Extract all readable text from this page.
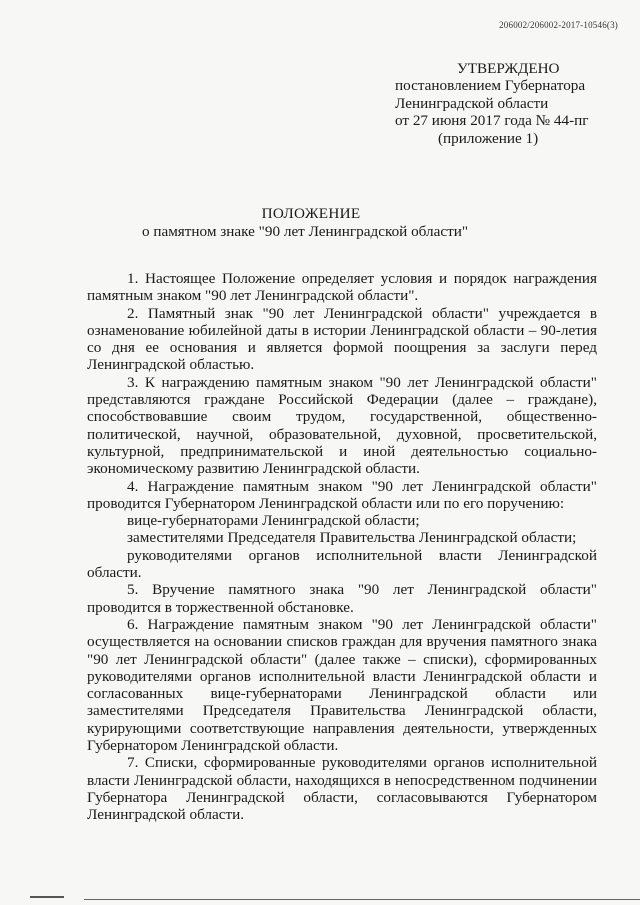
206002/206002-2017-10546(3)
УТВЕРЖДЕНО
постановлением Губернатора
Ленинградской области
от 27 июня 2017 года № 44-пг
(приложение 1)
ПОЛОЖЕНИЕ
о памятном знаке "90 лет Ленинградской области"

1. Настоящее Положение определяет условия и порядок награждения памятным знаком "90 лет Ленинградской области".

2. Памятный знак "90 лет Ленинградской области" учреждается в ознаменование юбилейной даты в истории Ленинградской области – 90-летия со дня ее основания и является формой поощрения за заслуги перед Ленинградской областью.

3. К награждению памятным знаком "90 лет Ленинградской области" представляются граждане Российской Федерации (далее – граждане), способствовавшие своим трудом, государственной, общественно-политической, научной, образовательной, духовной, просветительской, культурной, предпринимательской и иной деятельностью социально-экономическому развитию Ленинградской области.

4. Награждение памятным знаком "90 лет Ленинградской области" проводится Губернатором Ленинградской области или по его поручению:

вице-губернаторами Ленинградской области;

заместителями Председателя Правительства Ленинградской области;

руководителями органов исполнительной власти Ленинградской области.

5. Вручение памятного знака "90 лет Ленинградской области" проводится в торжественной обстановке.

6. Награждение памятным знаком "90 лет Ленинградской области" осуществляется на основании списков граждан для вручения памятного знака "90 лет Ленинградской области" (далее также – списки), сформированных руководителями органов исполнительной власти Ленинградской области и согласованных вице-губернаторами Ленинградской области или заместителями Председателя Правительства Ленинградской области, курирующими соответствующие направления деятельности, утвержденных Губернатором Ленинградской области.

7. Списки, сформированные руководителями органов исполнительной власти Ленинградской области, находящихся в непосредственном подчинении Губернатора Ленинградской области, согласовываются Губернатором Ленинградской области.
